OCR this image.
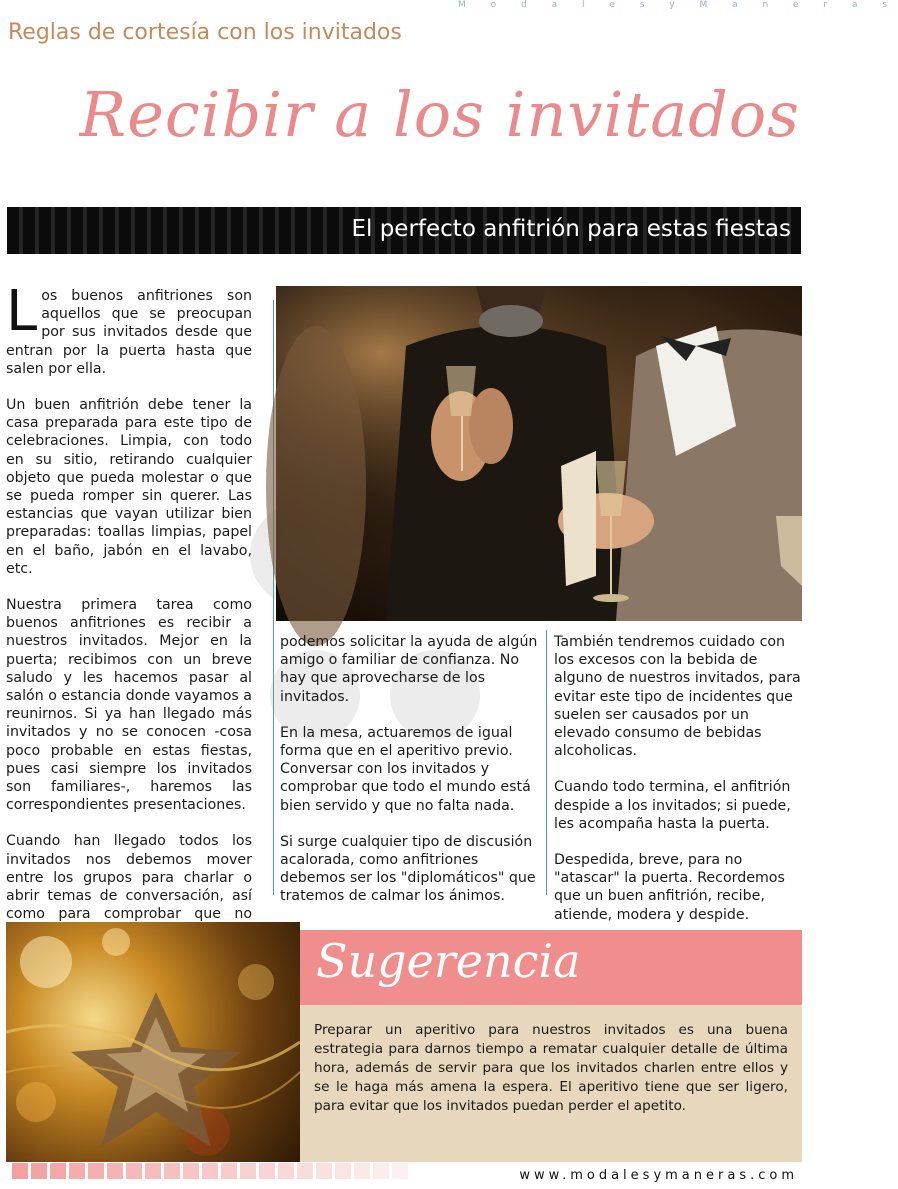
M o d a l e s y M a n e r a s
Reglas de cortesía con los invitados
Recibir a los invitados
El perfecto anfitrión para estas fiestas

Los buenos anfitriones son aquellos que se preocupan por sus invitados desde que entran por la puerta hasta que salen por ella.

Un buen anfitrión debe tener la casa preparada para este tipo de celebraciones. Limpia, con todo en su sitio, retirando cualquier objeto que pueda molestar o que se pueda romper sin querer. Las estancias que vayan utilizar bien preparadas: toallas limpias, papel en el baño, jabón en el lavabo, etc.

Nuestra primera tarea como buenos anfitriones es recibir a nuestros invitados. Mejor en la puerta; recibimos con un breve saludo y les hacemos pasar al salón o estancia donde vayamos a reunirnos. Si ya han llegado más invitados y no se conocen -cosa poco probable en estas fiestas, pues casi siempre los invitados son familiares-, haremos las correspondientes presentaciones.

Cuando han llegado todos los invitados nos debemos mover entre los grupos para charlar o abrir temas de conversación, así como para comprobar que no

podemos solicitar la ayuda de algún amigo o familiar de confianza. No hay que aprovecharse de los invitados.

En la mesa, actuaremos de igual forma que en el aperitivo previo. Conversar con los invitados y comprobar que todo el mundo está bien servido y que no falta nada.

Si surge cualquier tipo de discusión acalorada, como anfitriones debemos ser los "diplomáticos" que tratemos de calmar los ánimos.

También tendremos cuidado con los excesos con la bebida de alguno de nuestros invitados, para evitar este tipo de incidentes que suelen ser causados por un elevado consumo de bebidas alcoholicas.

Cuando todo termina, el anfitrión despide a los invitados; si puede, les acompaña hasta la puerta.

Despedida, breve, para no "atascar" la puerta. Recordemos que un buen anfitrión, recibe, atiende, modera y despide.

Sugerencia

Preparar un aperitivo para nuestros invitados es una buena estrategia para darnos tiempo a rematar cualquier detalle de última hora, además de servir para que los invitados charlen entre ellos y se le haga más amena la espera. El aperitivo tiene que ser ligero, para evitar que los invitados puedan perder el apetito.

www.modalesymaneras.com
